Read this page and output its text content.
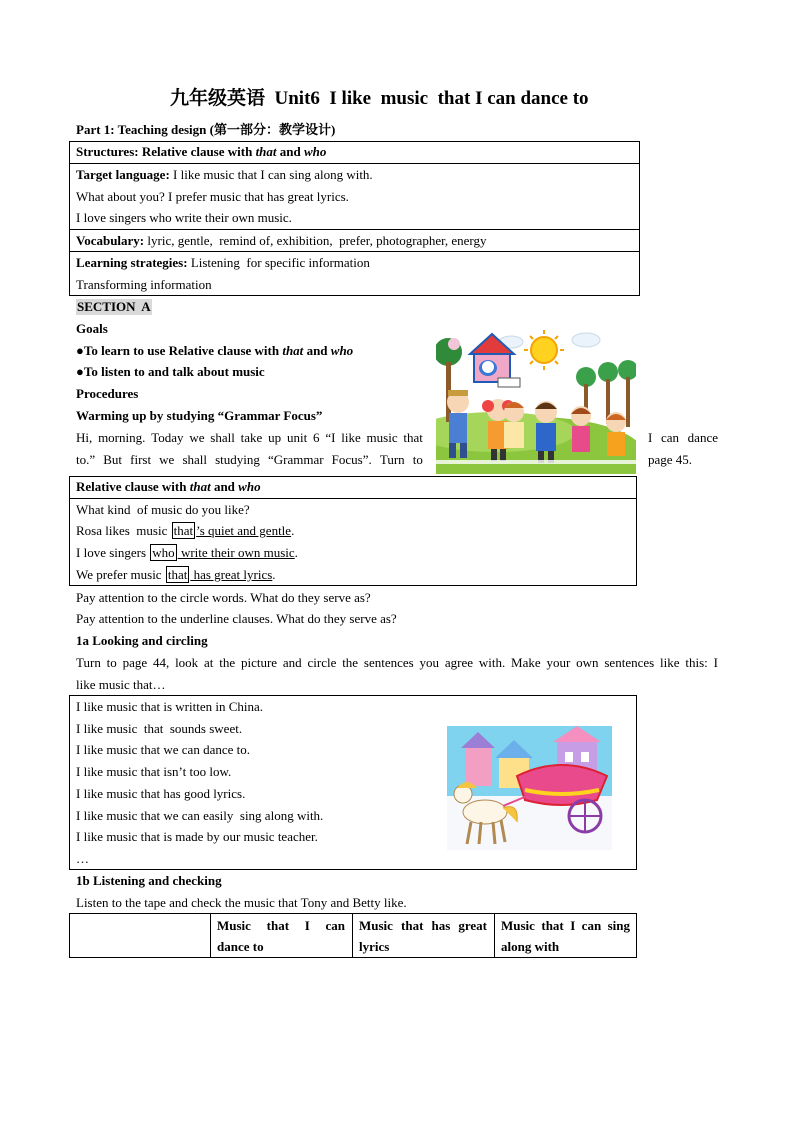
九年级英语  Unit6  I like  music  that I can dance to
Part 1: Teaching design (第一部分：教学设计)
Structures: Relative clause with that and who
Target language: I like music that I can sing along with.
What about you? I prefer music that has great lyrics.
I love singers who write their own music.
Vocabulary: lyric, gentle,  remind of, exhibition,  prefer, photographer, energy
Learning strategies: Listening  for specific information
Transforming information
SECTION  A
Goals
●To learn to use Relative clause with that and who
●To listen to and talk about music
Procedures
Warming up by studying “Grammar Focus”
Hi, morning. Today we shall take up unit 6 “I like music that	I can dance
to.” But first we shall studying “Grammar Focus”. Turn to	page 45.
Relative clause with that and who
What kind  of music do you like?
Rosa likes  music that ’s quiet and gentle.
I love singers who write their own music.
We prefer music that has great lyrics.
Pay attention to the circle words. What do they serve as?
Pay attention to the underline clauses. What do they serve as?
1a Looking and circling
Turn to page 44, look at the picture and circle the sentences you agree with. Make your own sentences like this: I
like music that…
I like music that is written in China.
I like music  that  sounds sweet.
I like music that we can dance to.
I like music that isn’t too low.
I like music that has good lyrics.
I like music that we can easily  sing along with.
I like music that is made by our music teacher.
…
1b Listening and checking
Listen to the tape and check the music that Tony and Betty like.
Music that I can
dance to
Music that has great
lyrics
Music that I can sing
along with
